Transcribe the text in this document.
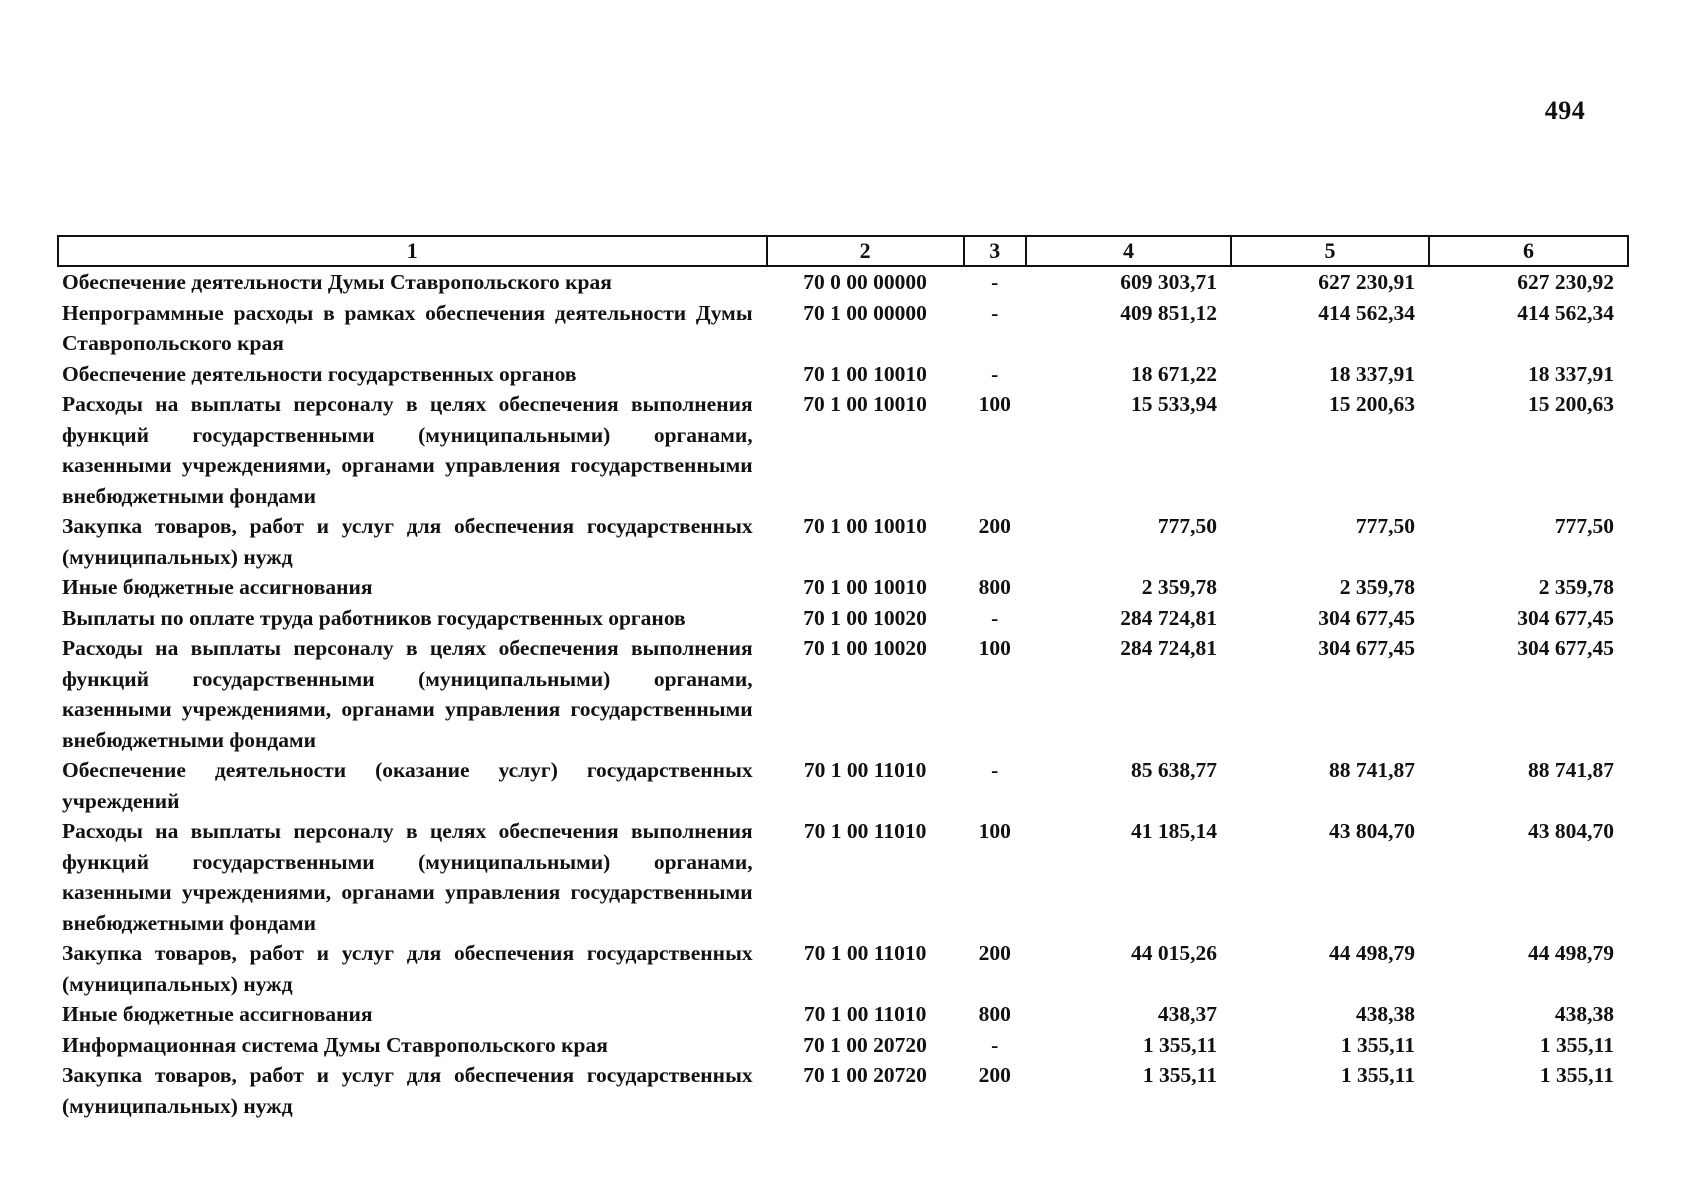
494
1	2	3	4	5	6
Обеспечение деятельности Думы Ставропольского края	70 0 00 00000	-	609 303,71	627 230,91	627 230,92
Непрограммные расходы в рамках обеспечения деятельности Думы Ставропольского края	70 1 00 00000	-	409 851,12	414 562,34	414 562,34
Обеспечение деятельности государственных органов	70 1 00 10010	-	18 671,22	18 337,91	18 337,91
Расходы на выплаты персоналу в целях обеспечения выполнения функций государственными (муниципальными) органами, казенными учреждениями, органами управления государственными внебюджетными фондами	70 1 00 10010	100	15 533,94	15 200,63	15 200,63
Закупка товаров, работ и услуг для обеспечения государственных (муниципальных) нужд	70 1 00 10010	200	777,50	777,50	777,50
Иные бюджетные ассигнования	70 1 00 10010	800	2 359,78	2 359,78	2 359,78
Выплаты по оплате труда работников государственных органов	70 1 00 10020	-	284 724,81	304 677,45	304 677,45
Расходы на выплаты персоналу в целях обеспечения выполнения функций государственными (муниципальными) органами, казенными учреждениями, органами управления государственными внебюджетными фондами	70 1 00 10020	100	284 724,81	304 677,45	304 677,45
Обеспечение деятельности (оказание услуг) государственных учреждений	70 1 00 11010	-	85 638,77	88 741,87	88 741,87
Расходы на выплаты персоналу в целях обеспечения выполнения функций государственными (муниципальными) органами, казенными учреждениями, органами управления государственными внебюджетными фондами	70 1 00 11010	100	41 185,14	43 804,70	43 804,70
Закупка товаров, работ и услуг для обеспечения государственных (муниципальных) нужд	70 1 00 11010	200	44 015,26	44 498,79	44 498,79
Иные бюджетные ассигнования	70 1 00 11010	800	438,37	438,38	438,38
Информационная система Думы Ставропольского края	70 1 00 20720	-	1 355,11	1 355,11	1 355,11
Закупка товаров, работ и услуг для обеспечения государственных (муниципальных) нужд	70 1 00 20720	200	1 355,11	1 355,11	1 355,11
